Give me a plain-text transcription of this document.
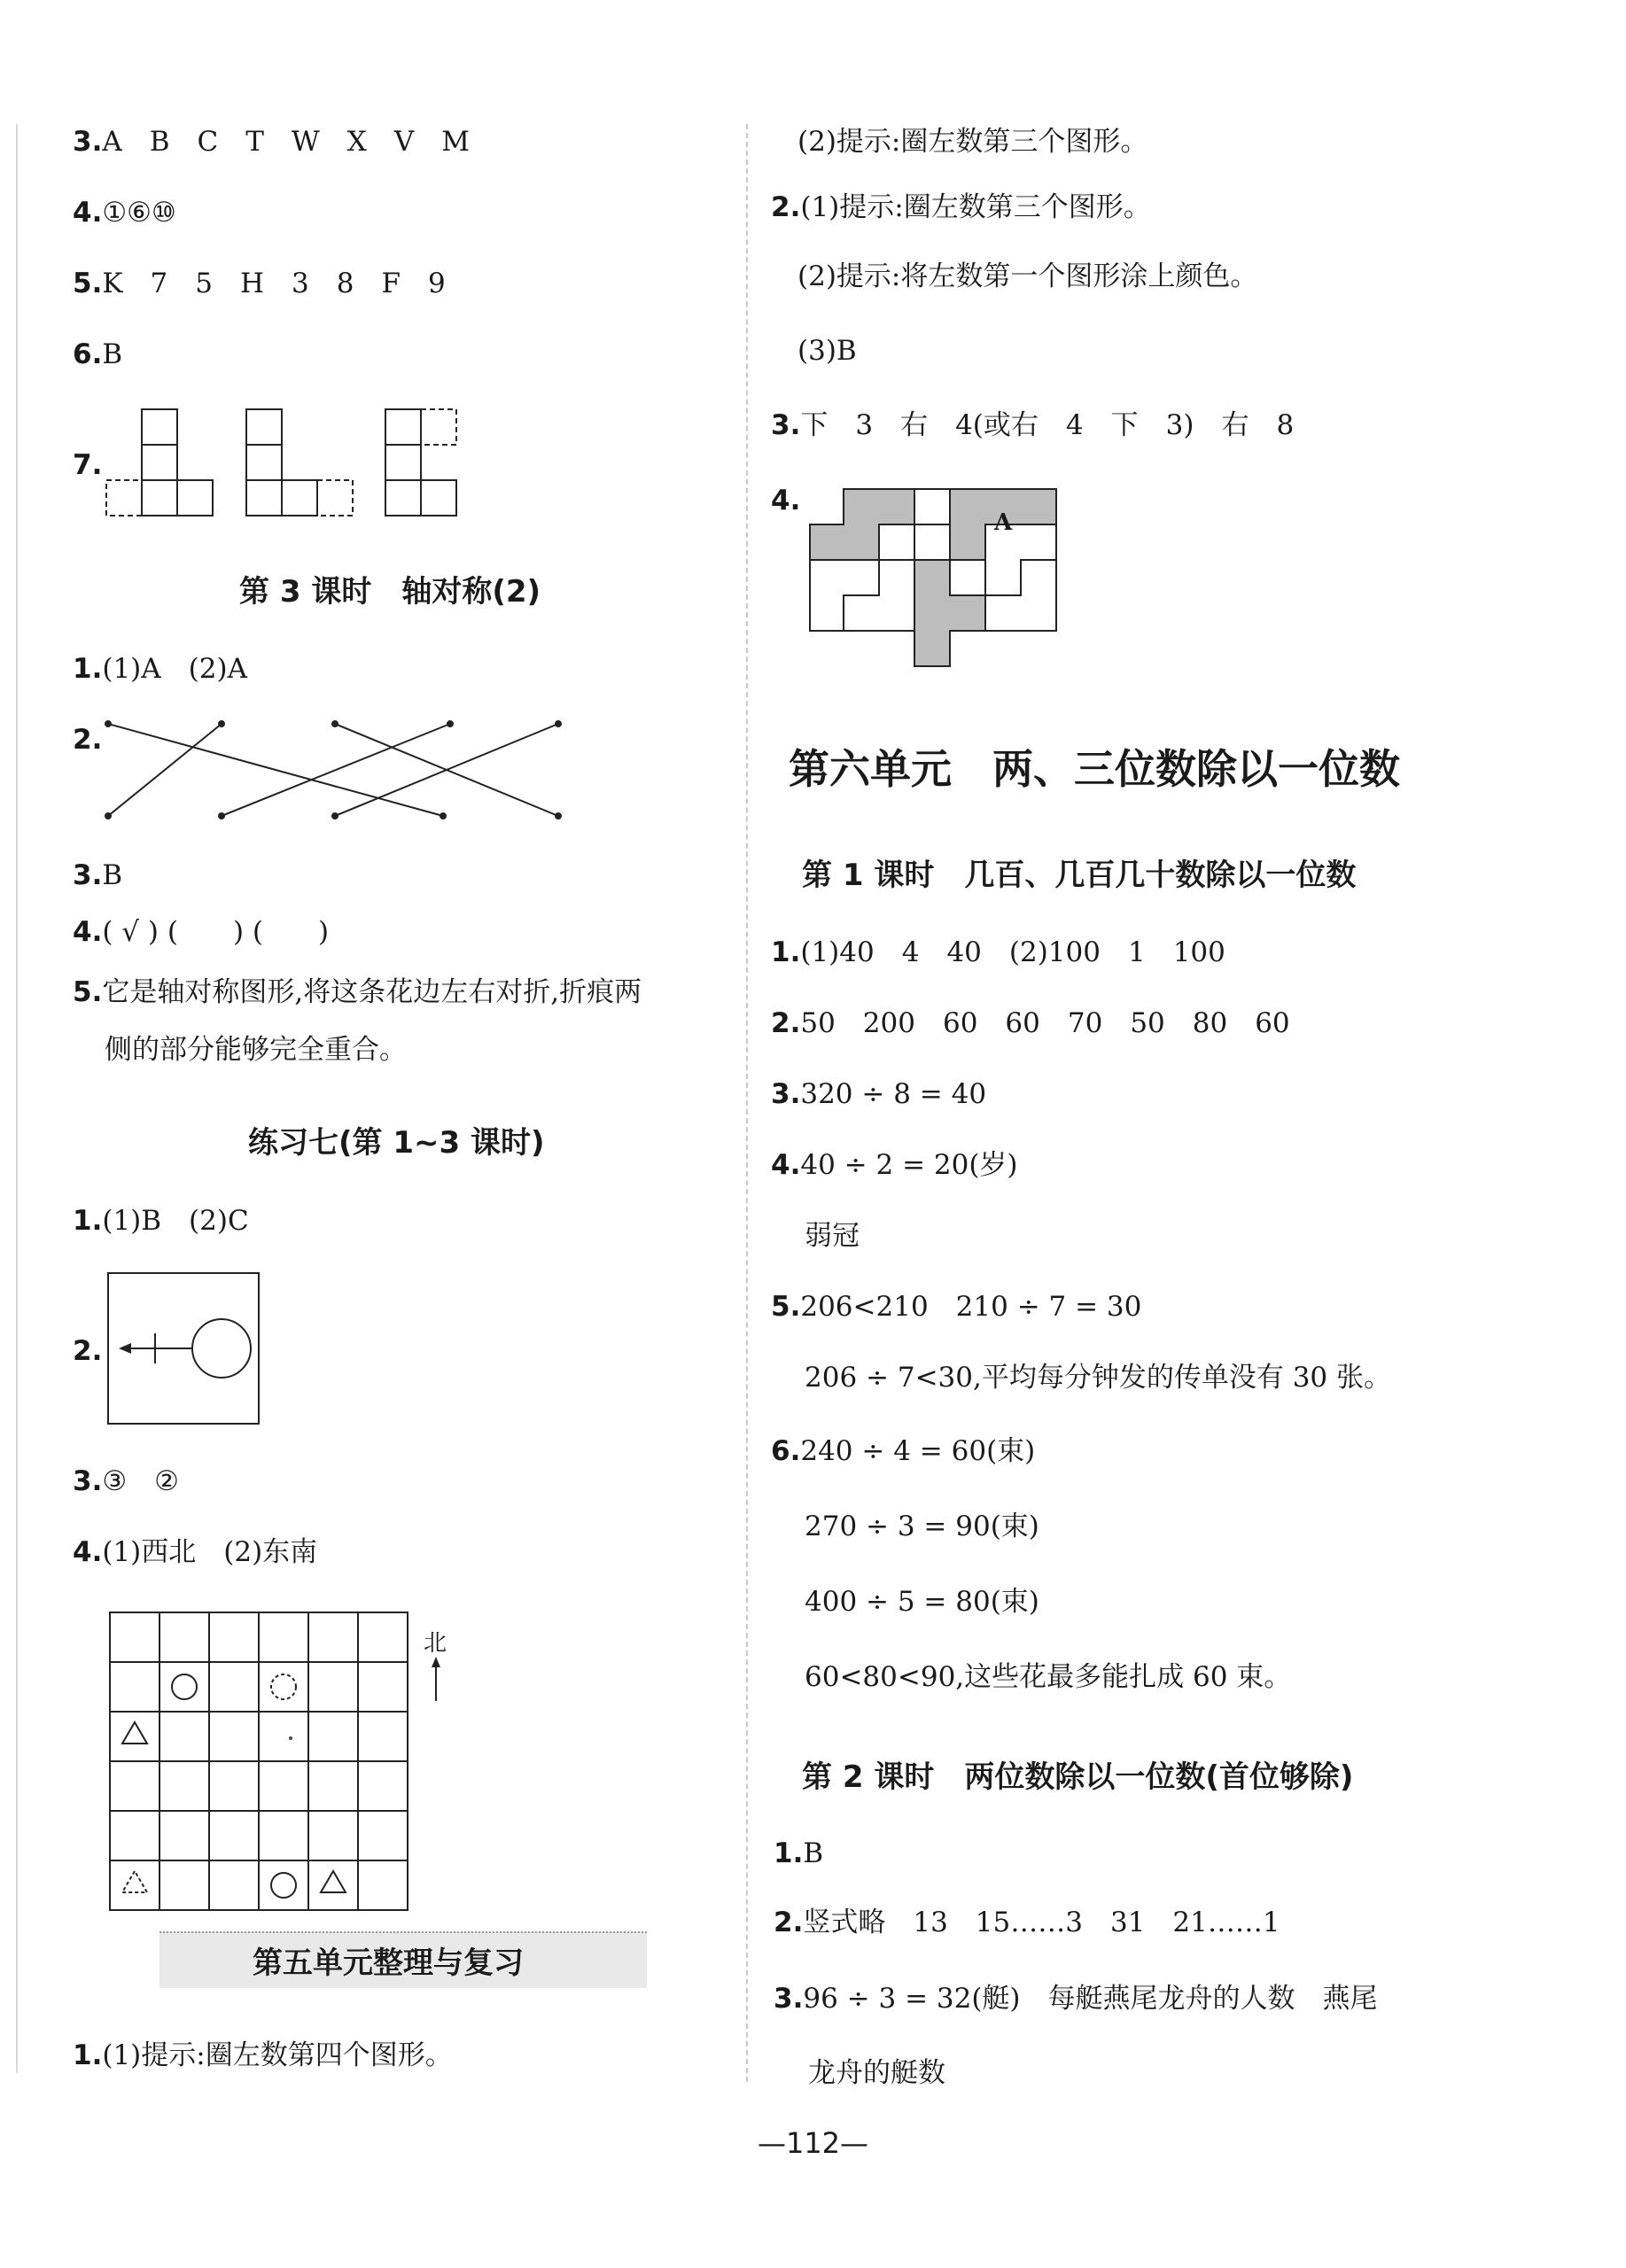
3.A　B　C　T　W　X　V　M
4.①⑥⑩
5.K　7　5　H　3　8　F　9
6.B
7.
第 3 课时　轴对称(2)
1.(1)A　(2)A
2.
3.B
4.( √ ) (　　) (　　)
5.它是轴对称图形,将这条花边左右对折,折痕两
侧的部分能够完全重合。
练习七(第 1~3 课时)
1.(1)B　(2)C
2.
3.③　②
4.(1)西北　(2)东南
北
第五单元整理与复习
1.(1)提示:圈左数第四个图形。
(2)提示:圈左数第三个图形。
2.(1)提示:圈左数第三个图形。
(2)提示:将左数第一个图形涂上颜色。
(3)B
3.下　3　右　4(或右　4　下　3)　右　8
4.
A
第六单元　两、三位数除以一位数
第 1 课时　几百、几百几十数除以一位数
1.(1)40　4　40　(2)100　1　100
2.50　200　60　60　70　50　80　60
3.320 ÷ 8 = 40
4.40 ÷ 2 = 20(岁)
弱冠
5.206<210　210 ÷ 7 = 30
206 ÷ 7<30,平均每分钟发的传单没有 30 张。
6.240 ÷ 4 = 60(束)
270 ÷ 3 = 90(束)
400 ÷ 5 = 80(束)
60<80<90,这些花最多能扎成 60 束。
第 2 课时　两位数除以一位数(首位够除)
1.B
2.竖式略　13　15……3　31　21……1
3.96 ÷ 3 = 32(艇)　每艇燕尾龙舟的人数　燕尾
龙舟的艇数
—112—
